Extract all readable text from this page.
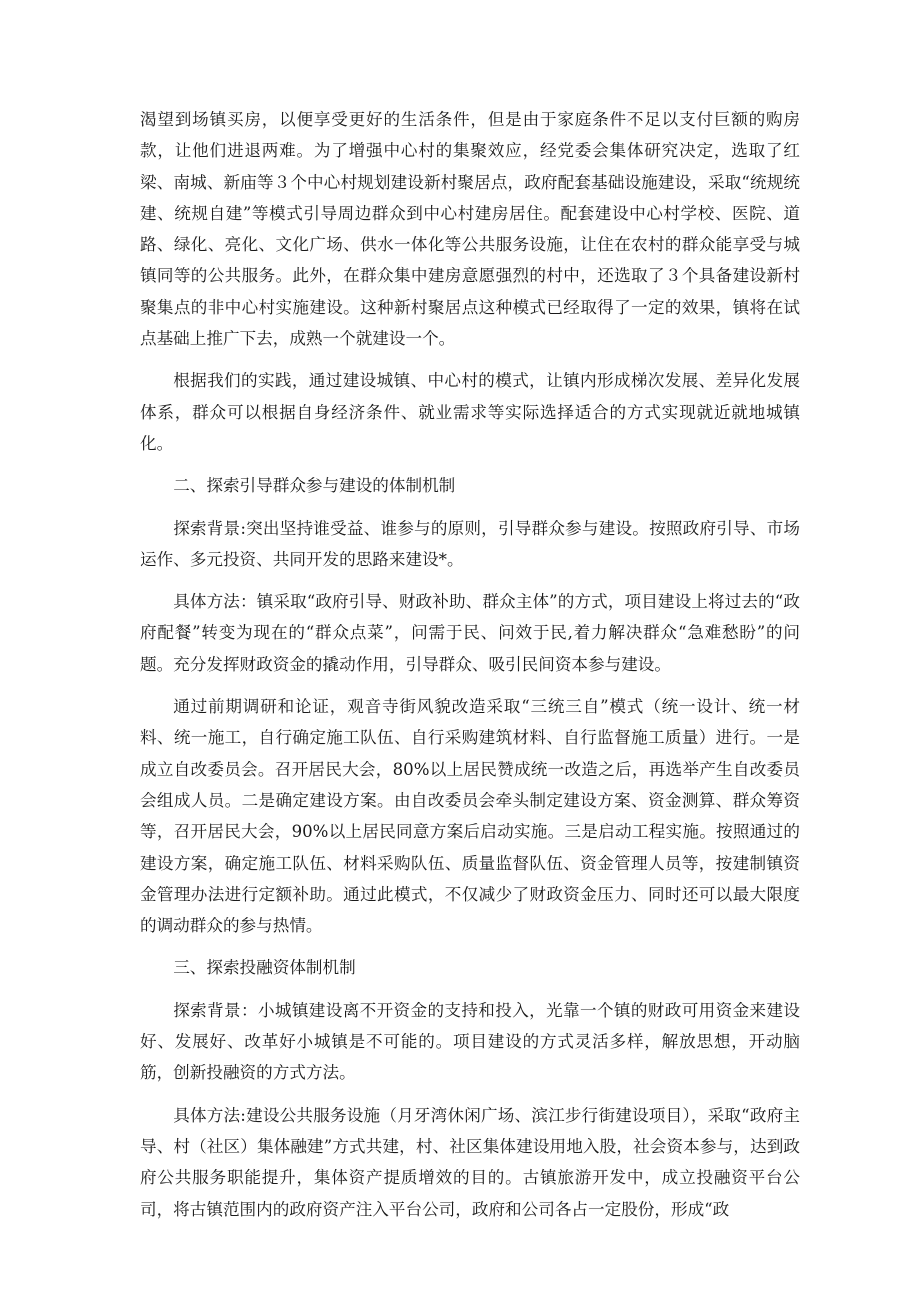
渴望到场镇买房，以便享受更好的生活条件，但是由于家庭条件不足以支付巨额的购房款，让他们进退两难。为了增强中心村的集聚效应，经党委会集体研究决定，选取了红梁、南城、新庙等３个中心村规划建设新村聚居点，政府配套基础设施建设，采取“统规统建、统规自建”等模式引导周边群众到中心村建房居住。配套建设中心村学校、医院、道路、绿化、亮化、文化广场、供水一体化等公共服务设施，让住在农村的群众能享受与城镇同等的公共服务。此外，在群众集中建房意愿强烈的村中，还选取了３个具备建设新村聚集点的非中心村实施建设。这种新村聚居点这种模式已经取得了一定的效果，镇将在试点基础上推广下去，成熟一个就建设一个。

根据我们的实践，通过建设城镇、中心村的模式，让镇内形成梯次发展、差异化发展体系，群众可以根据自身经济条件、就业需求等实际选择适合的方式实现就近就地城镇化。

二、探索引导群众参与建设的体制机制

探索背景:突出坚持谁受益、谁参与的原则，引导群众参与建设。按照政府引导、市场运作、多元投资、共同开发的思路来建设*。

具体方法：镇采取“政府引导、财政补助、群众主体”的方式，项目建设上将过去的“政府配餐”转变为现在的“群众点菜”，问需于民、问效于民,着力解决群众“急难愁盼”的问题。充分发挥财政资金的撬动作用，引导群众、吸引民间资本参与建设。

通过前期调研和论证，观音寺街风貌改造采取“三统三自”模式（统一设计、统一材料、统一施工，自行确定施工队伍、自行采购建筑材料、自行监督施工质量）进行。一是成立自改委员会。召开居民大会，80%以上居民赞成统一改造之后，再选举产生自改委员会组成人员。二是确定建设方案。由自改委员会牵头制定建设方案、资金测算、群众筹资等，召开居民大会，90%以上居民同意方案后启动实施。三是启动工程实施。按照通过的建设方案，确定施工队伍、材料采购队伍、质量监督队伍、资金管理人员等，按建制镇资金管理办法进行定额补助。通过此模式，不仅减少了财政资金压力、同时还可以最大限度的调动群众的参与热情。

三、探索投融资体制机制

探索背景：小城镇建设离不开资金的支持和投入，光靠一个镇的财政可用资金来建设好、发展好、改革好小城镇是不可能的。项目建设的方式灵活多样，解放思想，开动脑筋，创新投融资的方式方法。

具体方法:建设公共服务设施（月牙湾休闲广场、滨江步行街建设项目），采取“政府主导、村（社区）集体融建”方式共建，村、社区集体建设用地入股，社会资本参与，达到政府公共服务职能提升，集体资产提质增效的目的。古镇旅游开发中，成立投融资平台公司，将古镇范围内的政府资产注入平台公司，政府和公司各占一定股份，形成“政
